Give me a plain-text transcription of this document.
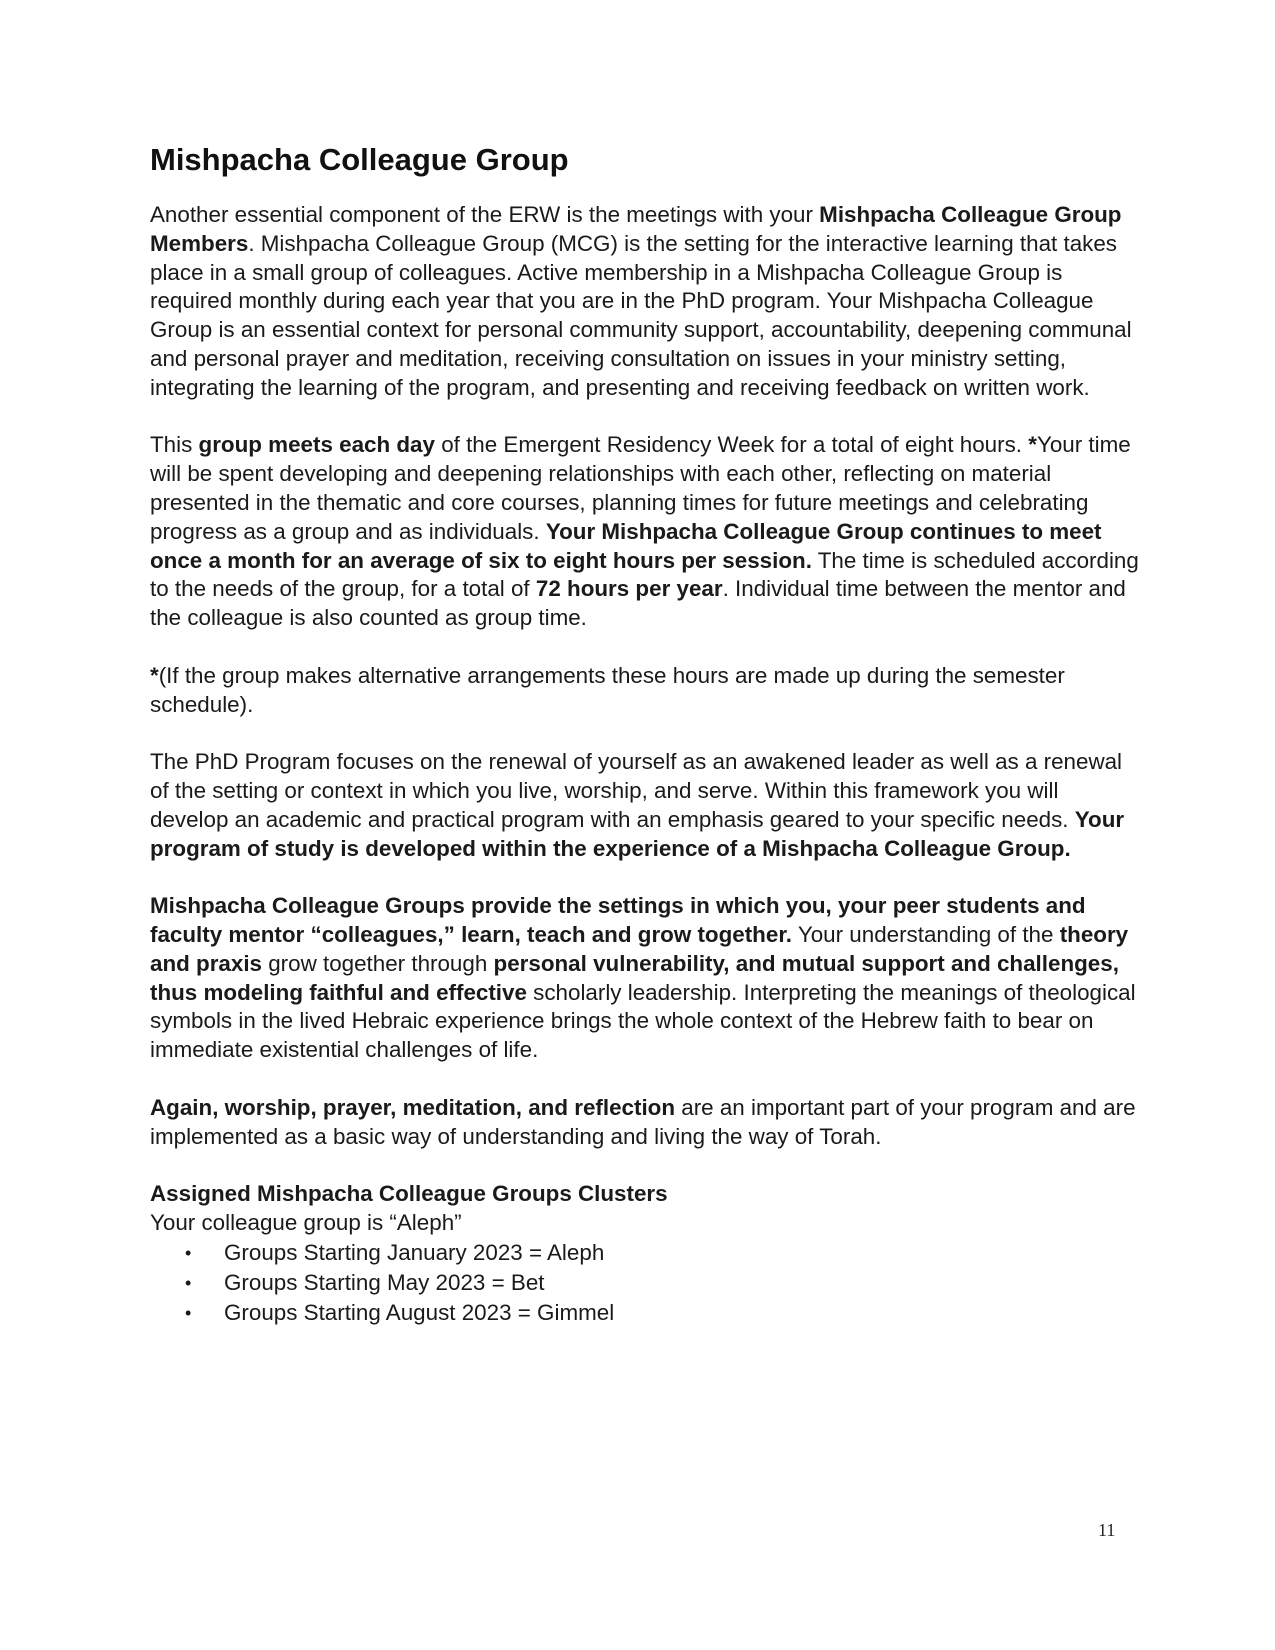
Mishpacha Colleague Group

Another essential component of the ERW is the meetings with your Mishpacha Colleague Group Members. Mishpacha Colleague Group (MCG) is the setting for the interactive learning that takes place in a small group of colleagues. Active membership in a Mishpacha Colleague Group is required monthly during each year that you are in the PhD program. Your Mishpacha Colleague Group is an essential context for personal community support, accountability, deepening communal and personal prayer and meditation, receiving consultation on issues in your ministry setting, integrating the learning of the program, and presenting and receiving feedback on written work.

This group meets each day of the Emergent Residency Week for a total of eight hours. *Your time will be spent developing and deepening relationships with each other, reflecting on material presented in the thematic and core courses, planning times for future meetings and celebrating progress as a group and as individuals. Your Mishpacha Colleague Group continues to meet once a month for an average of six to eight hours per session. The time is scheduled according to the needs of the group, for a total of 72 hours per year. Individual time between the mentor and the colleague is also counted as group time.

*(If the group makes alternative arrangements these hours are made up during the semester schedule).

The PhD Program focuses on the renewal of yourself as an awakened leader as well as a renewal of the setting or context in which you live, worship, and serve. Within this framework you will develop an academic and practical program with an emphasis geared to your specific needs. Your program of study is developed within the experience of a Mishpacha Colleague Group.

Mishpacha Colleague Groups provide the settings in which you, your peer students and faculty mentor “colleagues,” learn, teach and grow together. Your understanding of the theory and praxis grow together through personal vulnerability, and mutual support and challenges, thus modeling faithful and effective scholarly leadership. Interpreting the meanings of theological symbols in the lived Hebraic experience brings the whole context of the Hebrew faith to bear on immediate existential challenges of life.

Again, worship, prayer, meditation, and reflection are an important part of your program and are implemented as a basic way of understanding and living the way of Torah.

Assigned Mishpacha Colleague Groups Clusters
Your colleague group is “Aleph”
• Groups Starting January 2023 = Aleph
• Groups Starting May 2023 = Bet
• Groups Starting August 2023 = Gimmel
11
